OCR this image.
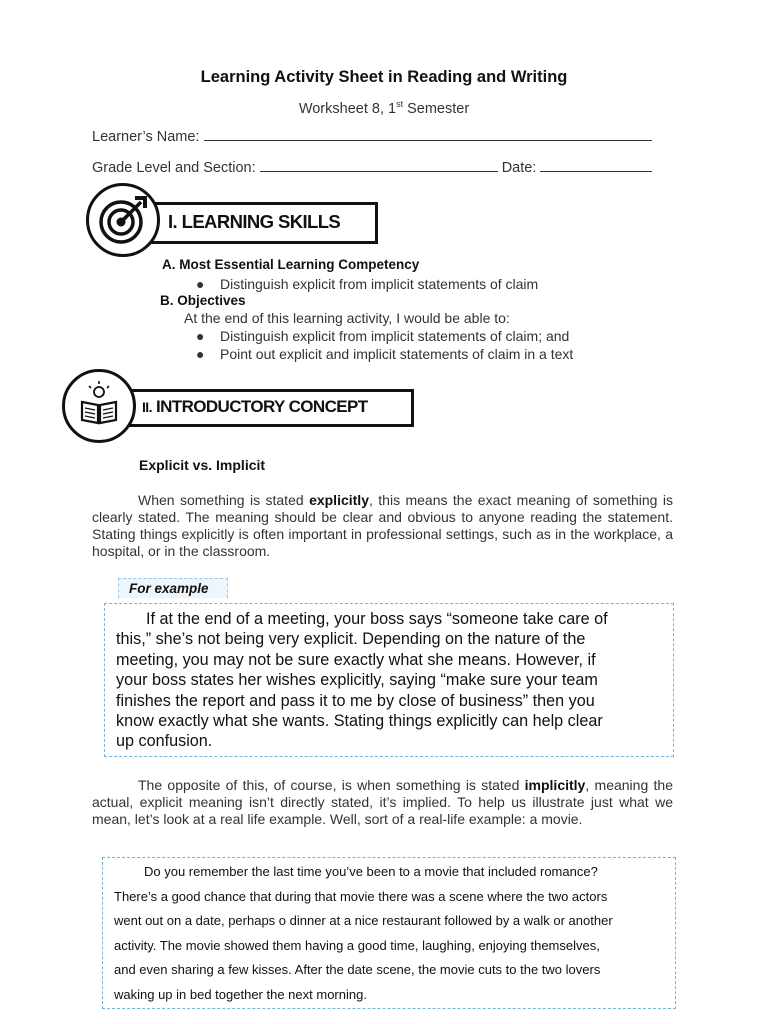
Learning Activity Sheet in Reading and Writing
Worksheet 8, 1st Semester
Learner’s Name:
Grade Level and Section:	Date:
I. LEARNING SKILLS
A. Most Essential Learning Competency
● Distinguish explicit from implicit statements of claim
B. Objectives
At the end of this learning activity, I would be able to:
● Distinguish explicit from implicit statements of claim; and
● Point out explicit and implicit statements of claim in a text
II. INTRODUCTORY CONCEPT
Explicit vs. Implicit
When something is stated explicitly, this means the exact meaning of something is clearly stated. The meaning should be clear and obvious to anyone reading the statement. Stating things explicitly is often important in professional settings, such as in the workplace, a hospital, or in the classroom.
For example
If at the end of a meeting, your boss says “someone take care of
this,” she’s not being very explicit. Depending on the nature of the
meeting, you may not be sure exactly what she means. However, if
your boss states her wishes explicitly, saying “make sure your team
finishes the report and pass it to me by close of business” then you
know exactly what she wants. Stating things explicitly can help clear
up confusion.
The opposite of this, of course, is when something is stated implicitly, meaning the actual, explicit meaning isn’t directly stated, it’s implied. To help us illustrate just what we mean, let’s look at a real life example. Well, sort of a real-life example: a movie.
Do you remember the last time you’ve been to a movie that included romance?
There’s a good chance that during that movie there was a scene where the two actors
went out on a date, perhaps o dinner at a nice restaurant followed by a walk or another
activity. The movie showed them having a good time, laughing, enjoying themselves,
and even sharing a few kisses. After the date scene, the movie cuts to the two lovers
waking up in bed together the next morning.
